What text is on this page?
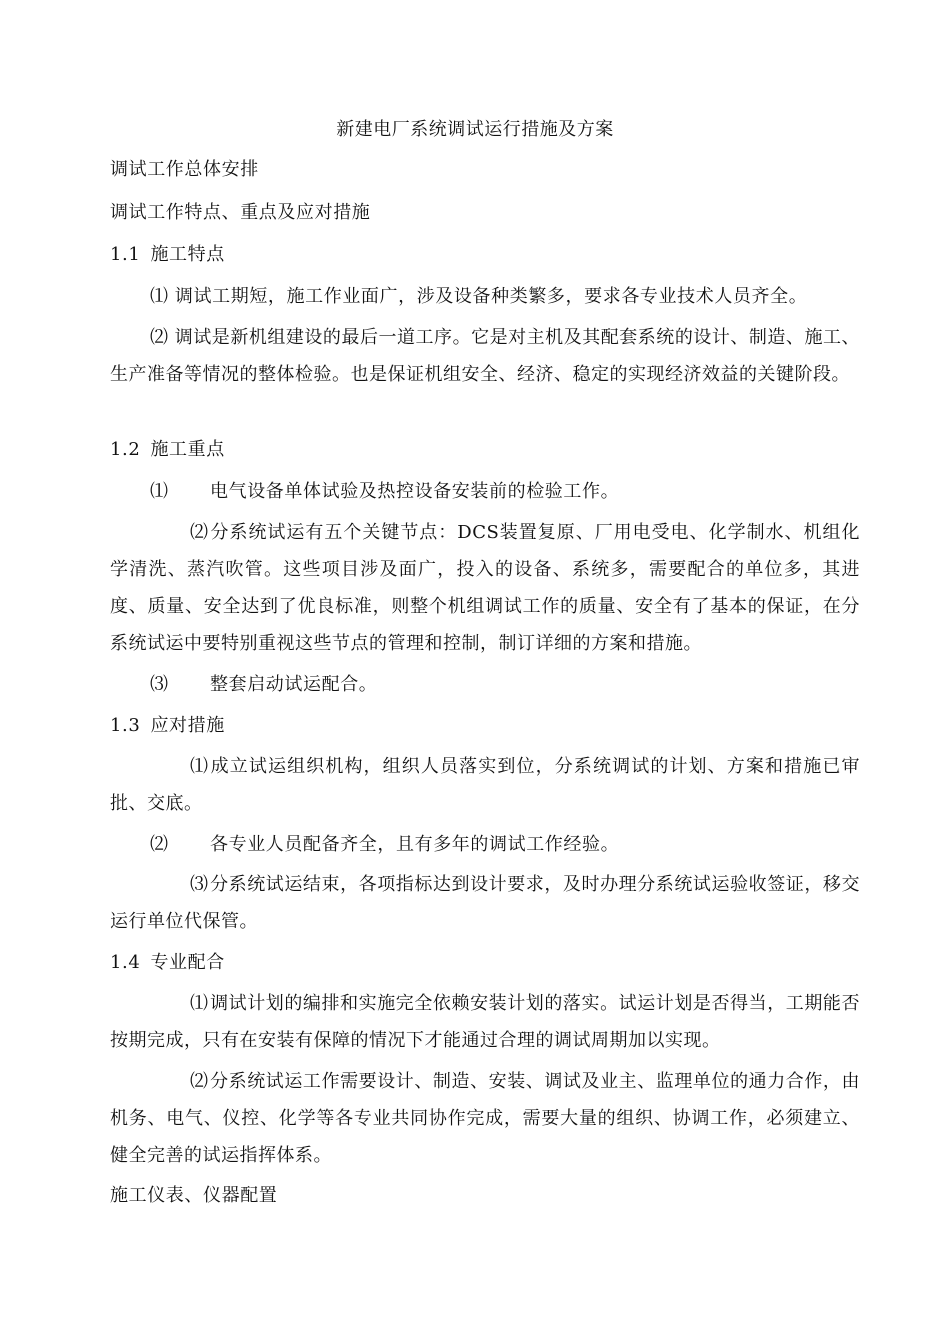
新建电厂系统调试运行措施及方案
调试工作总体安排
调试工作特点、重点及应对措施
1.1 施工特点
⑴ 调试工期短，施工作业面广，涉及设备种类繁多，要求各专业技术人员齐全。
⑵ 调试是新机组建设的最后一道工序。它是对主机及其配套系统的设计、制造、施工、生产准备等情况的整体检验。也是保证机组安全、经济、稳定的实现经济效益的关键阶段。
1.2 施工重点
⑴ 电气设备单体试验及热控设备安装前的检验工作。
⑵分系统试运有五个关键节点：DCS装置复原、厂用电受电、化学制水、机组化学清洗、蒸汽吹管。这些项目涉及面广，投入的设备、系统多，需要配合的单位多，其进度、质量、安全达到了优良标准，则整个机组调试工作的质量、安全有了基本的保证，在分系统试运中要特别重视这些节点的管理和控制，制订详细的方案和措施。
⑶ 整套启动试运配合。
1.3 应对措施
⑴成立试运组织机构，组织人员落实到位，分系统调试的计划、方案和措施已审批、交底。
⑵ 各专业人员配备齐全，且有多年的调试工作经验。
⑶分系统试运结束，各项指标达到设计要求，及时办理分系统试运验收签证，移交运行单位代保管。
1.4 专业配合
⑴调试计划的编排和实施完全依赖安装计划的落实。试运计划是否得当，工期能否按期完成，只有在安装有保障的情况下才能通过合理的调试周期加以实现。
⑵分系统试运工作需要设计、制造、安装、调试及业主、监理单位的通力合作，由机务、电气、仪控、化学等各专业共同协作完成，需要大量的组织、协调工作，必须建立、健全完善的试运指挥体系。
施工仪表、仪器配置
